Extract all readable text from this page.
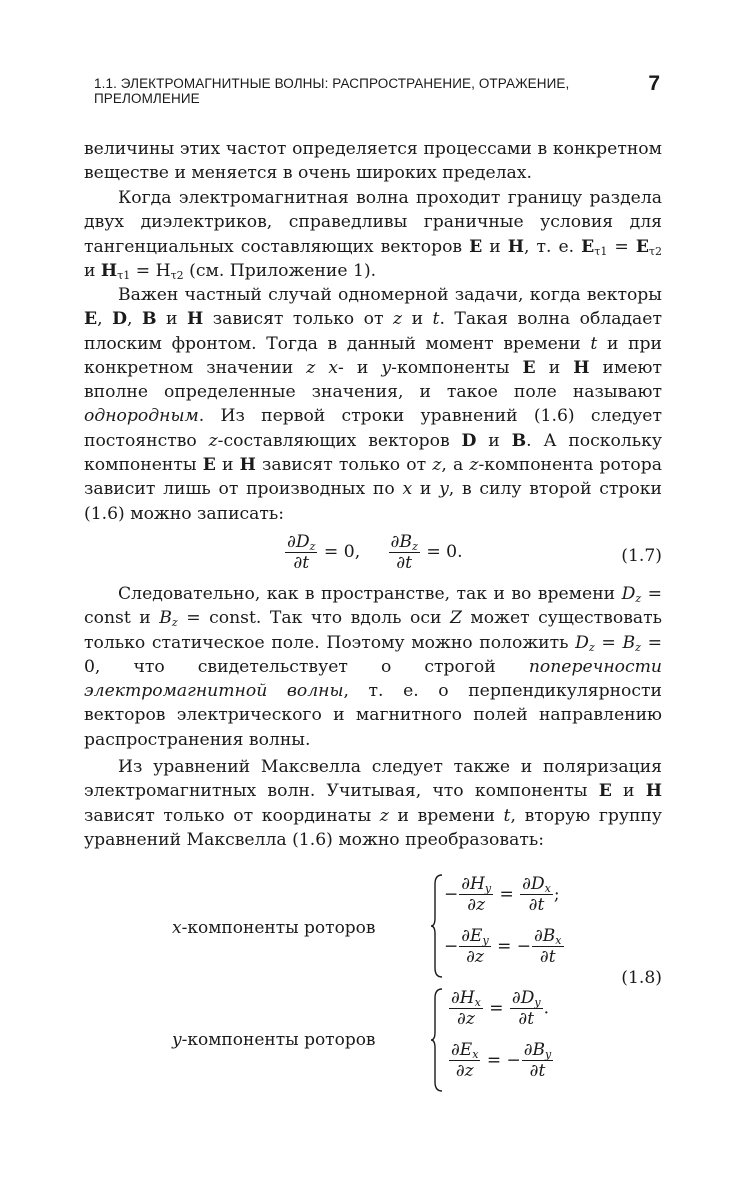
1.1. ЭЛЕКТРОМАГНИТНЫЕ ВОЛНЫ: РАСПРОСТРАНЕНИЕ, ОТРАЖЕНИЕ, ПРЕЛОМЛЕНИЕ
7
величины этих частот определяется процессами в конкретном веществе и меняется в очень широких пределах.
Когда электромагнитная волна проходит границу раздела двух диэлектриков, справедливы граничные условия для тангенциальных составляющих векторов E и H, т. е. $E_{\tau 1} = E_{\tau 2}$ и $H_{\tau 1} = H_{\tau 2}$ (см. Приложение 1).
Важен частный случай одномерной задачи, когда векторы E, D, B и H зависят только от z и t. Такая волна обладает плоским фронтом. Тогда в данный момент времени t и при конкретном значении z x- и y-компоненты E и H имеют вполне определенные значения, и такое поле называют однородным. Из первой строки уравнений (1.6) следует постоянство z-составляющих векторов D и B. А поскольку компоненты E и H зависят только от z, а z-компонента ротора зависит лишь от производных по x и y, в силу второй строки (1.6) можно записать:
$\frac{\partial D_z}{\partial t} = 0$, $\frac{\partial B_z}{\partial t} = 0$.	(1.7)
Следовательно, как в пространстве, так и во времени $D_z$ = const и $B_z$ = const. Так что вдоль оси Z может существовать только статическое поле. Поэтому можно положить $D_z = B_z = 0$, что свидетельствует о строгой поперечности электромагнитной волны, т. е. о перпендикулярности векторов электрического и магнитного полей направлению распространения волны.
Из уравнений Максвелла следует также и поляризация электромагнитных волн. Учитывая, что компоненты E и H зависят только от координаты z и времени t, вторую группу уравнений Максвелла (1.6) можно преобразовать:
x-компоненты роторов
− $\frac{\partial H_y}{\partial z} = \frac{\partial D_x}{\partial t}$ ;
− $\frac{\partial E_y}{\partial z}$ = − $\frac{\partial B_x}{\partial t}$
(1.8)
y-компоненты роторов
$\frac{\partial H_x}{\partial z} = \frac{\partial D_y}{\partial t}$ .
$\frac{\partial E_x}{\partial z}$ = − $\frac{\partial B_y}{\partial t}$
